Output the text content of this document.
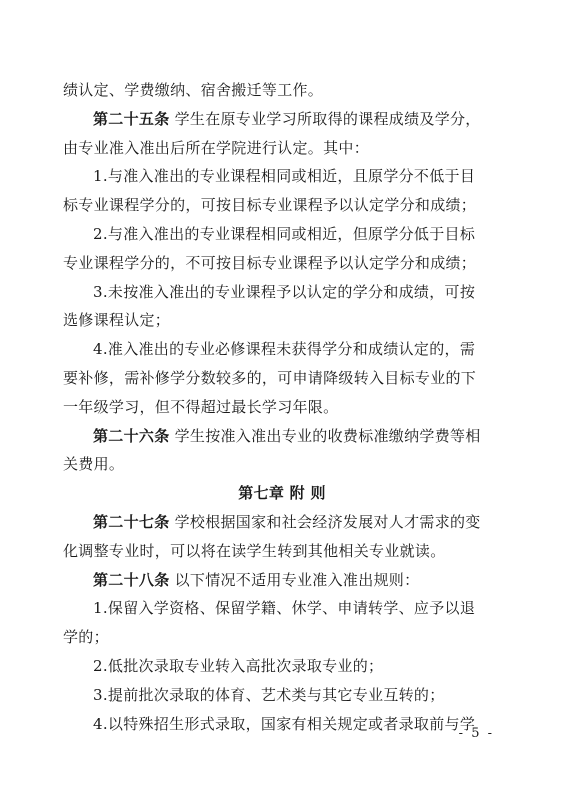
绩认定、学费缴纳、宿舍搬迁等工作。
第二十五条 学生在原专业学习所取得的课程成绩及学分，
由专业准入准出后所在学院进行认定。其中：
1.与准入准出的专业课程相同或相近，且原学分不低于目
标专业课程学分的，可按目标专业课程予以认定学分和成绩；
2.与准入准出的专业课程相同或相近，但原学分低于目标
专业课程学分的，不可按目标专业课程予以认定学分和成绩；
3.未按准入准出的专业课程予以认定的学分和成绩，可按
选修课程认定；
4.准入准出的专业必修课程未获得学分和成绩认定的，需
要补修，需补修学分数较多的，可申请降级转入目标专业的下
一年级学习，但不得超过最长学习年限。
第二十六条 学生按准入准出专业的收费标准缴纳学费等相
关费用。
第七章 附 则
第二十七条 学校根据国家和社会经济发展对人才需求的变
化调整专业时，可以将在读学生转到其他相关专业就读。
第二十八条 以下情况不适用专业准入准出规则：
1.保留入学资格、保留学籍、休学、申请转学、应予以退
学的；
2.低批次录取专业转入高批次录取专业的；
3.提前批次录取的体育、艺术类与其它专业互转的；
4.以特殊招生形式录取，国家有相关规定或者录取前与学
- 5 -
